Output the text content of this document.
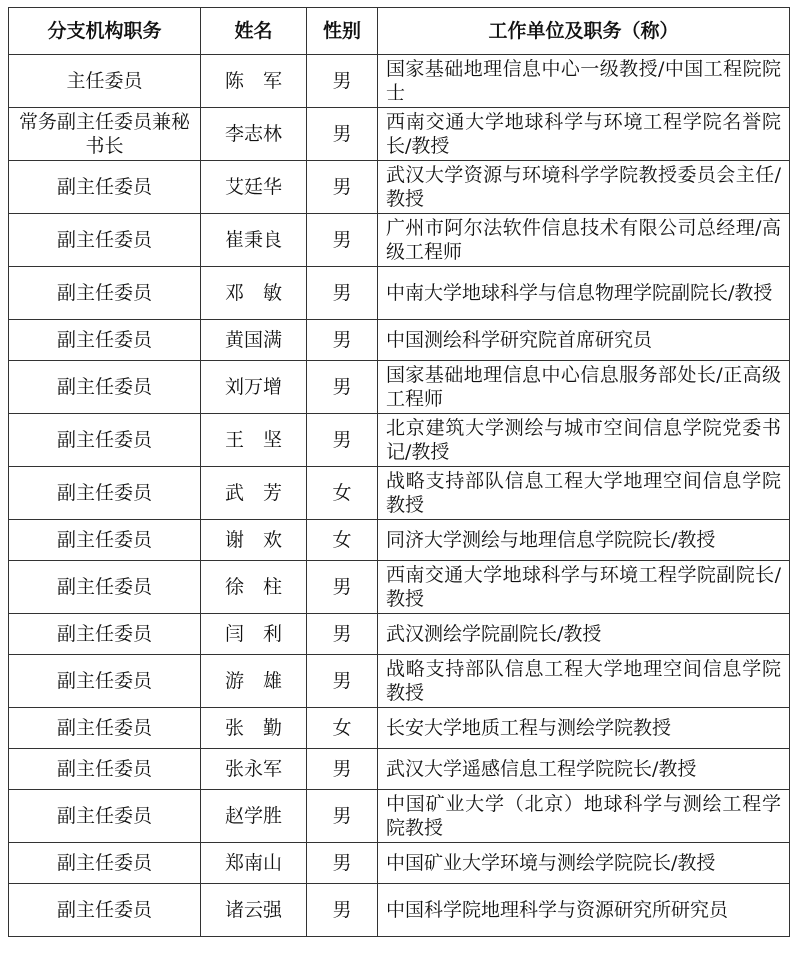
分支机构职务	姓名	性别	工作单位及职务（称）
主任委员	陈　军	男	国家基础地理信息中心一级教授/中国工程院院士
常务副主任委员兼秘书长	李志林	男	西南交通大学地球科学与环境工程学院名誉院长/教授
副主任委员	艾廷华	男	武汉大学资源与环境科学学院教授委员会主任/教授
副主任委员	崔秉良	男	广州市阿尔法软件信息技术有限公司总经理/高级工程师
副主任委员	邓　敏	男	中南大学地球科学与信息物理学院副院长/教授
副主任委员	黄国满	男	中国测绘科学研究院首席研究员
副主任委员	刘万增	男	国家基础地理信息中心信息服务部处长/正高级工程师
副主任委员	王　坚	男	北京建筑大学测绘与城市空间信息学院党委书记/教授
副主任委员	武　芳	女	战略支持部队信息工程大学地理空间信息学院教授
副主任委员	谢　欢	女	同济大学测绘与地理信息学院院长/教授
副主任委员	徐　柱	男	西南交通大学地球科学与环境工程学院副院长/教授
副主任委员	闫　利	男	武汉测绘学院副院长/教授
副主任委员	游　雄	男	战略支持部队信息工程大学地理空间信息学院教授
副主任委员	张　勤	女	长安大学地质工程与测绘学院教授
副主任委员	张永军	男	武汉大学遥感信息工程学院院长/教授
副主任委员	赵学胜	男	中国矿业大学（北京）地球科学与测绘工程学院教授
副主任委员	郑南山	男	中国矿业大学环境与测绘学院院长/教授
副主任委员	诸云强	男	中国科学院地理科学与资源研究所研究员
